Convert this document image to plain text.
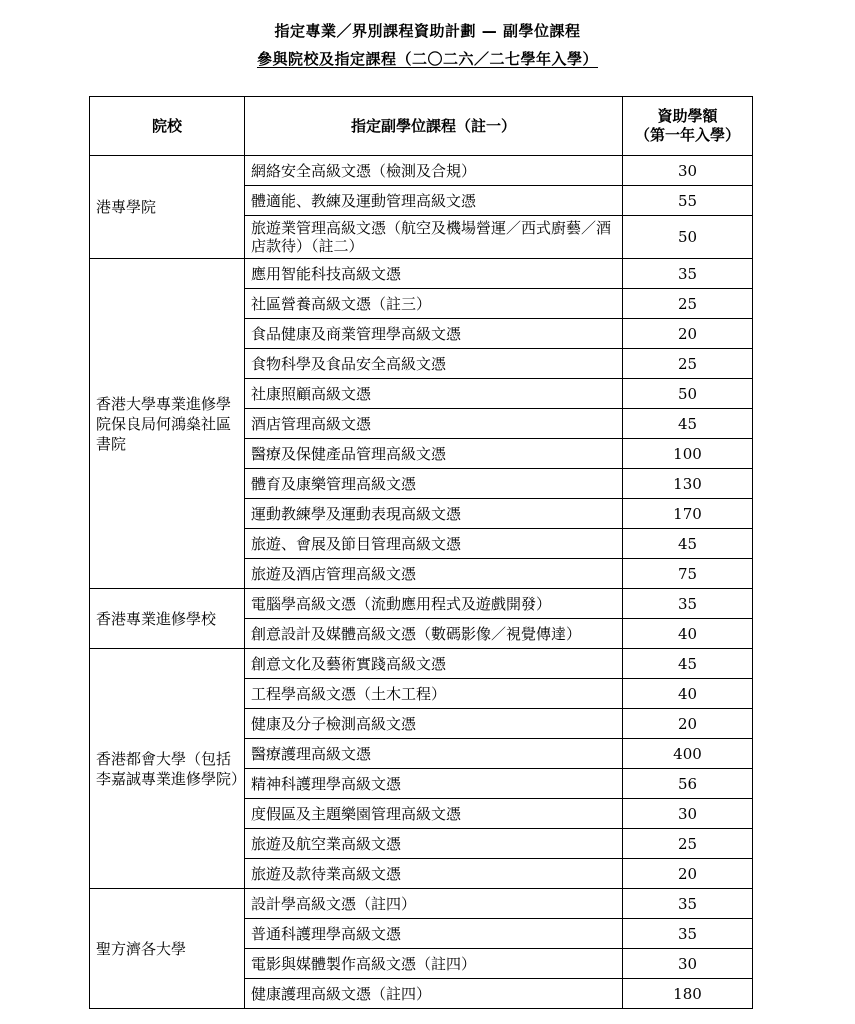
指定專業／界別課程資助計劃 — 副學位課程
參與院校及指定課程（二〇二六／二七學年入學）
院校	指定副學位課程（註一）	資助學額
（第一年入學）

港專學院	網絡安全高級文憑（檢測及合規）	30
	體適能、教練及運動管理高級文憑	55
	旅遊業管理高級文憑（航空及機場營運／西式廚藝／酒店款待）（註二）	50
香港大學專業進修學院保良局何鴻燊社區書院	應用智能科技高級文憑	35
	社區營養高級文憑（註三）	25
	食品健康及商業管理學高級文憑	20
	食物科學及食品安全高級文憑	25
	社康照顧高級文憑	50
	酒店管理高級文憑	45
	醫療及保健產品管理高級文憑	100
	體育及康樂管理高級文憑	130
	運動教練學及運動表現高級文憑	170
	旅遊、會展及節目管理高級文憑	45
	旅遊及酒店管理高級文憑	75
香港專業進修學校	電腦學高級文憑（流動應用程式及遊戲開發）	35
	創意設計及媒體高級文憑（數碼影像／視覺傳達）	40
香港都會大學（包括李嘉誠專業進修學院）	創意文化及藝術實踐高級文憑	45
	工程學高級文憑（土木工程）	40
	健康及分子檢測高級文憑	20
	醫療護理高級文憑	400
	精神科護理學高級文憑	56
	度假區及主題樂園管理高級文憑	30
	旅遊及航空業高級文憑	25
	旅遊及款待業高級文憑	20
聖方濟各大學	設計學高級文憑（註四）	35
	普通科護理學高級文憑	35
	電影與媒體製作高級文憑（註四）	30
	健康護理高級文憑（註四）	180
